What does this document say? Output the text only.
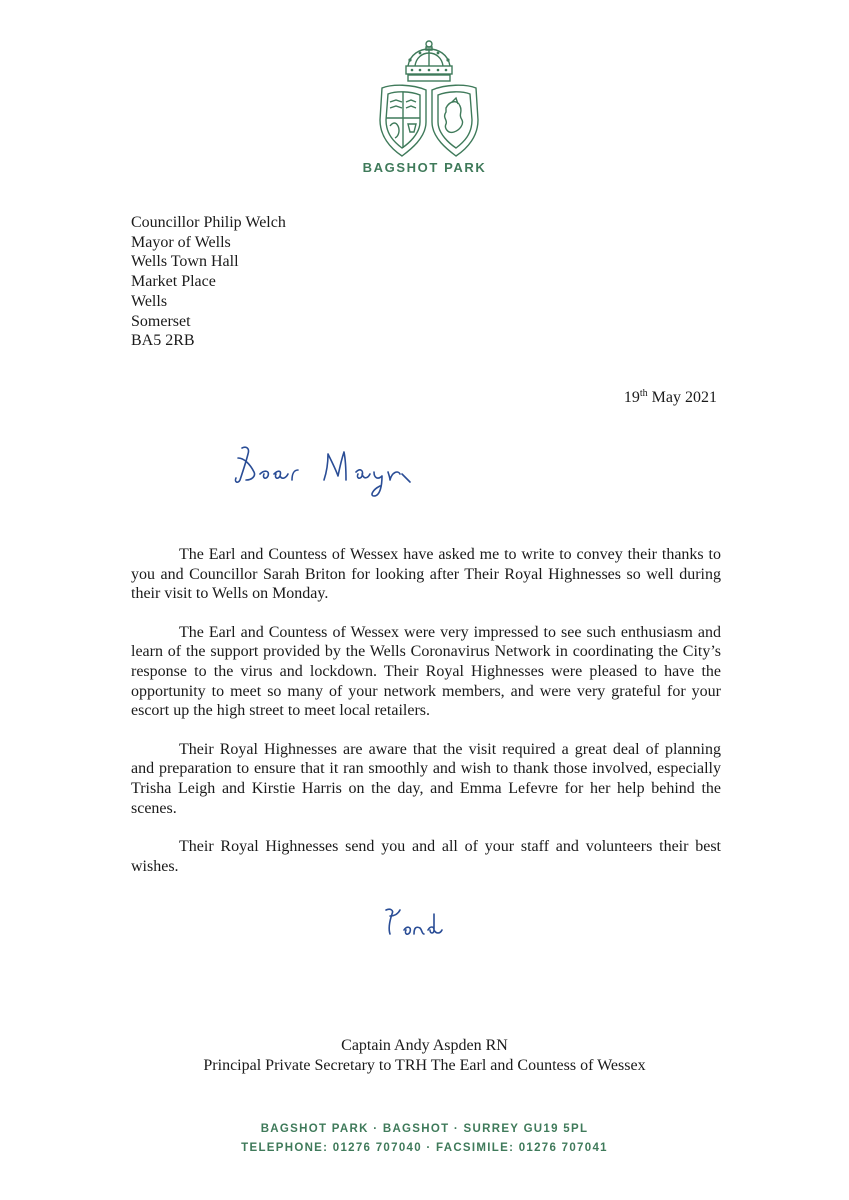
BAGSHOT PARK
Councillor Philip Welch
Mayor of Wells
Wells Town Hall
Market Place
Wells
Somerset
BA5 2RB
19th May 2021

The Earl and Countess of Wessex have asked me to write to convey their thanks to you and Councillor Sarah Briton for looking after Their Royal Highnesses so well during their visit to Wells on Monday.

The Earl and Countess of Wessex were very impressed to see such enthusiasm and learn of the support provided by the Wells Coronavirus Network in coordinating the City’s response to the virus and lockdown. Their Royal Highnesses were pleased to have the opportunity to meet so many of your network members, and were very grateful for your escort up the high street to meet local retailers.

Their Royal Highnesses are aware that the visit required a great deal of planning and preparation to ensure that it ran smoothly and wish to thank those involved, especially Trisha Leigh and Kirstie Harris on the day, and Emma Lefevre for her help behind the scenes.

Their Royal Highnesses send you and all of your staff and volunteers their best wishes.

Captain Andy Aspden RN
Principal Private Secretary to TRH The Earl and Countess of Wessex
BAGSHOT PARK · BAGSHOT · SURREY GU19 5PL
TELEPHONE: 01276 707040 · FACSIMILE: 01276 707041
